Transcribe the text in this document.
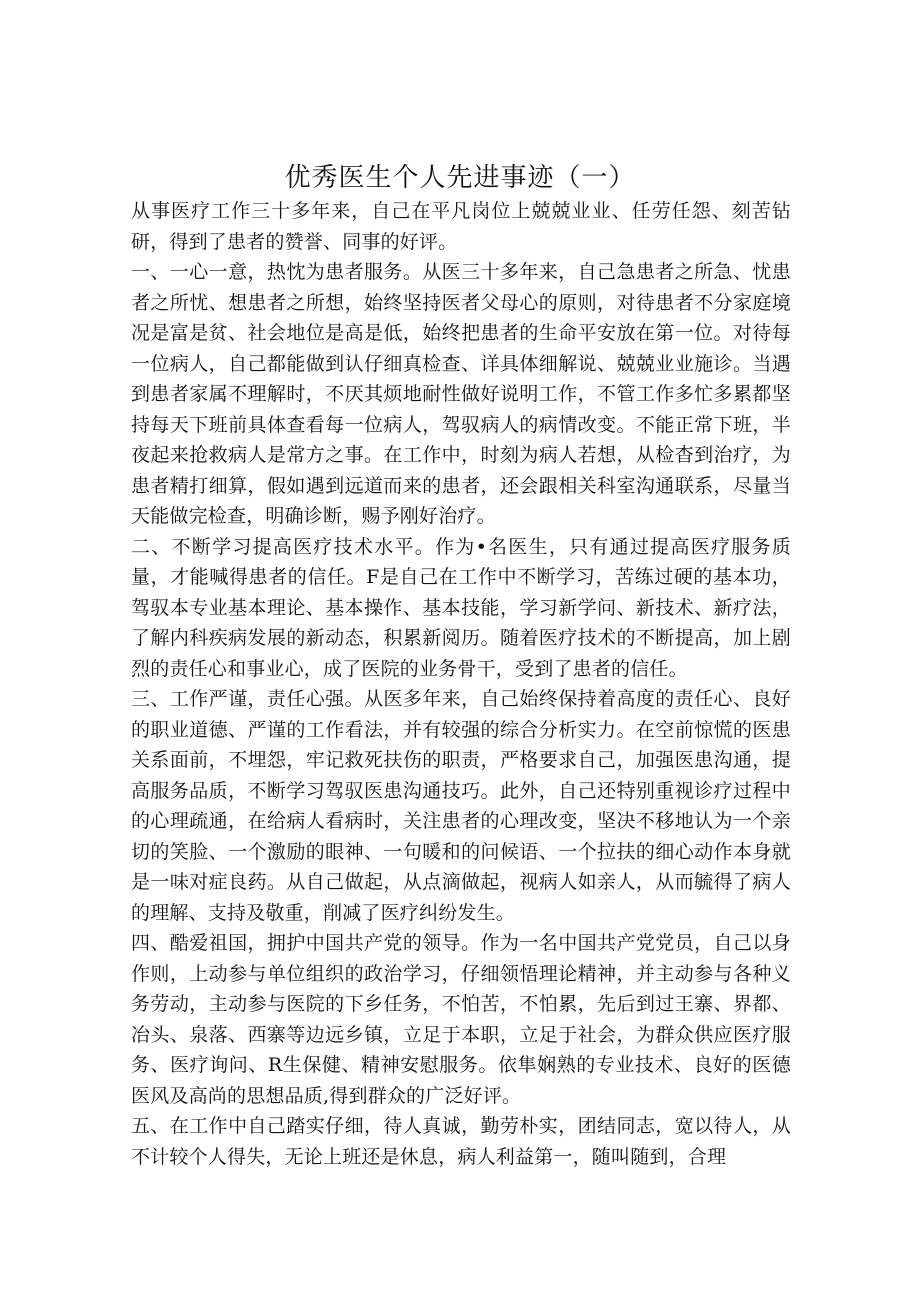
优秀医生个人先进事迹（一）

从事医疗工作三十多年来，自己在平凡岗位上兢兢业业、任劳任怨、刻苦钻研，得到了患者的赞誉、同事的好评。

一、一心一意，热忱为患者服务。从医三十多年来，自己急患者之所急、忧患者之所忧、想患者之所想，始终坚持医者父母心的原则，对待患者不分家庭境况是富是贫、社会地位是高是低，始终把患者的生命平安放在第一位。对待每一位病人，自己都能做到认仔细真检查、详具体细解说、兢兢业业施诊。当遇到患者家属不理解时，不厌其烦地耐性做好说明工作，不管工作多忙多累都坚持每天下班前具体查看每一位病人，驾驭病人的病情改变。不能正常下班，半夜起来抢救病人是常方之事。在工作中，时刻为病人若想，从检杳到治疗，为患者精打细算，假如遇到远道而来的患者，还会跟相关科室沟通联系，尽量当天能做完检查，明确诊断，赐予刚好治疗。

二、不断学习提高医疗技术水平。作为•名医生，只有通过提高医疗服务质量，才能喊得患者的信任。F是自己在工作中不断学习，苦练过硬的基本功，驾驭本专业基本理论、基本操作、基本技能，学习新学问、新技术、新疗法，了解内科疾病发展的新动态，积累新阅历。随着医疗技术的不断提高，加上剧烈的责任心和事业心，成了医院的业务骨干，受到了患者的信任。

三、工作严谨，责任心强。从医多年来，自己始终保持着高度的责任心、良好的职业道德、严谨的工作看法，并有较强的综合分析实力。在空前惊慌的医患关系面前，不埋怨，牢记救死扶伤的职责，严格要求自己，加强医患沟通，提高服务品质，不断学习驾驭医患沟通技巧。此外，自己还特别重视诊疗过程中的心理疏通，在给病人看病时，关注患者的心理改变，坚决不移地认为一个亲切的笑脸、一个激励的眼神、一句暖和的问候语、一个拉扶的细心动作本身就是一味对症良药。从自己做起，从点滴做起，视病人如亲人，从而毓得了病人的理解、支持及敬重，削减了医疗纠纷发生。

四、酷爱祖国，拥护中国共产党的领导。作为一名中国共产党党员，自己以身作则，上动参与单位组织的政治学习，仔细领悟理论精神，并主动参与各种义务劳动，主动参与医院的下乡任务，不怕苦，不怕累，先后到过王寨、界都、冶头、泉落、西寨等边远乡镇，立足于本职，立足于社会，为群众供应医疗服务、医疗询问、R生保健、精神安慰服务。依隼娴熟的专业技术、良好的医德医风及高尚的思想品质,得到群众的广泛好评。

五、在工作中自己踏实仔细，待人真诚，勤劳朴实，团结同志，宽以待人，从不计较个人得失，无论上班还是休息，病人利益第一，随叫随到，合理
